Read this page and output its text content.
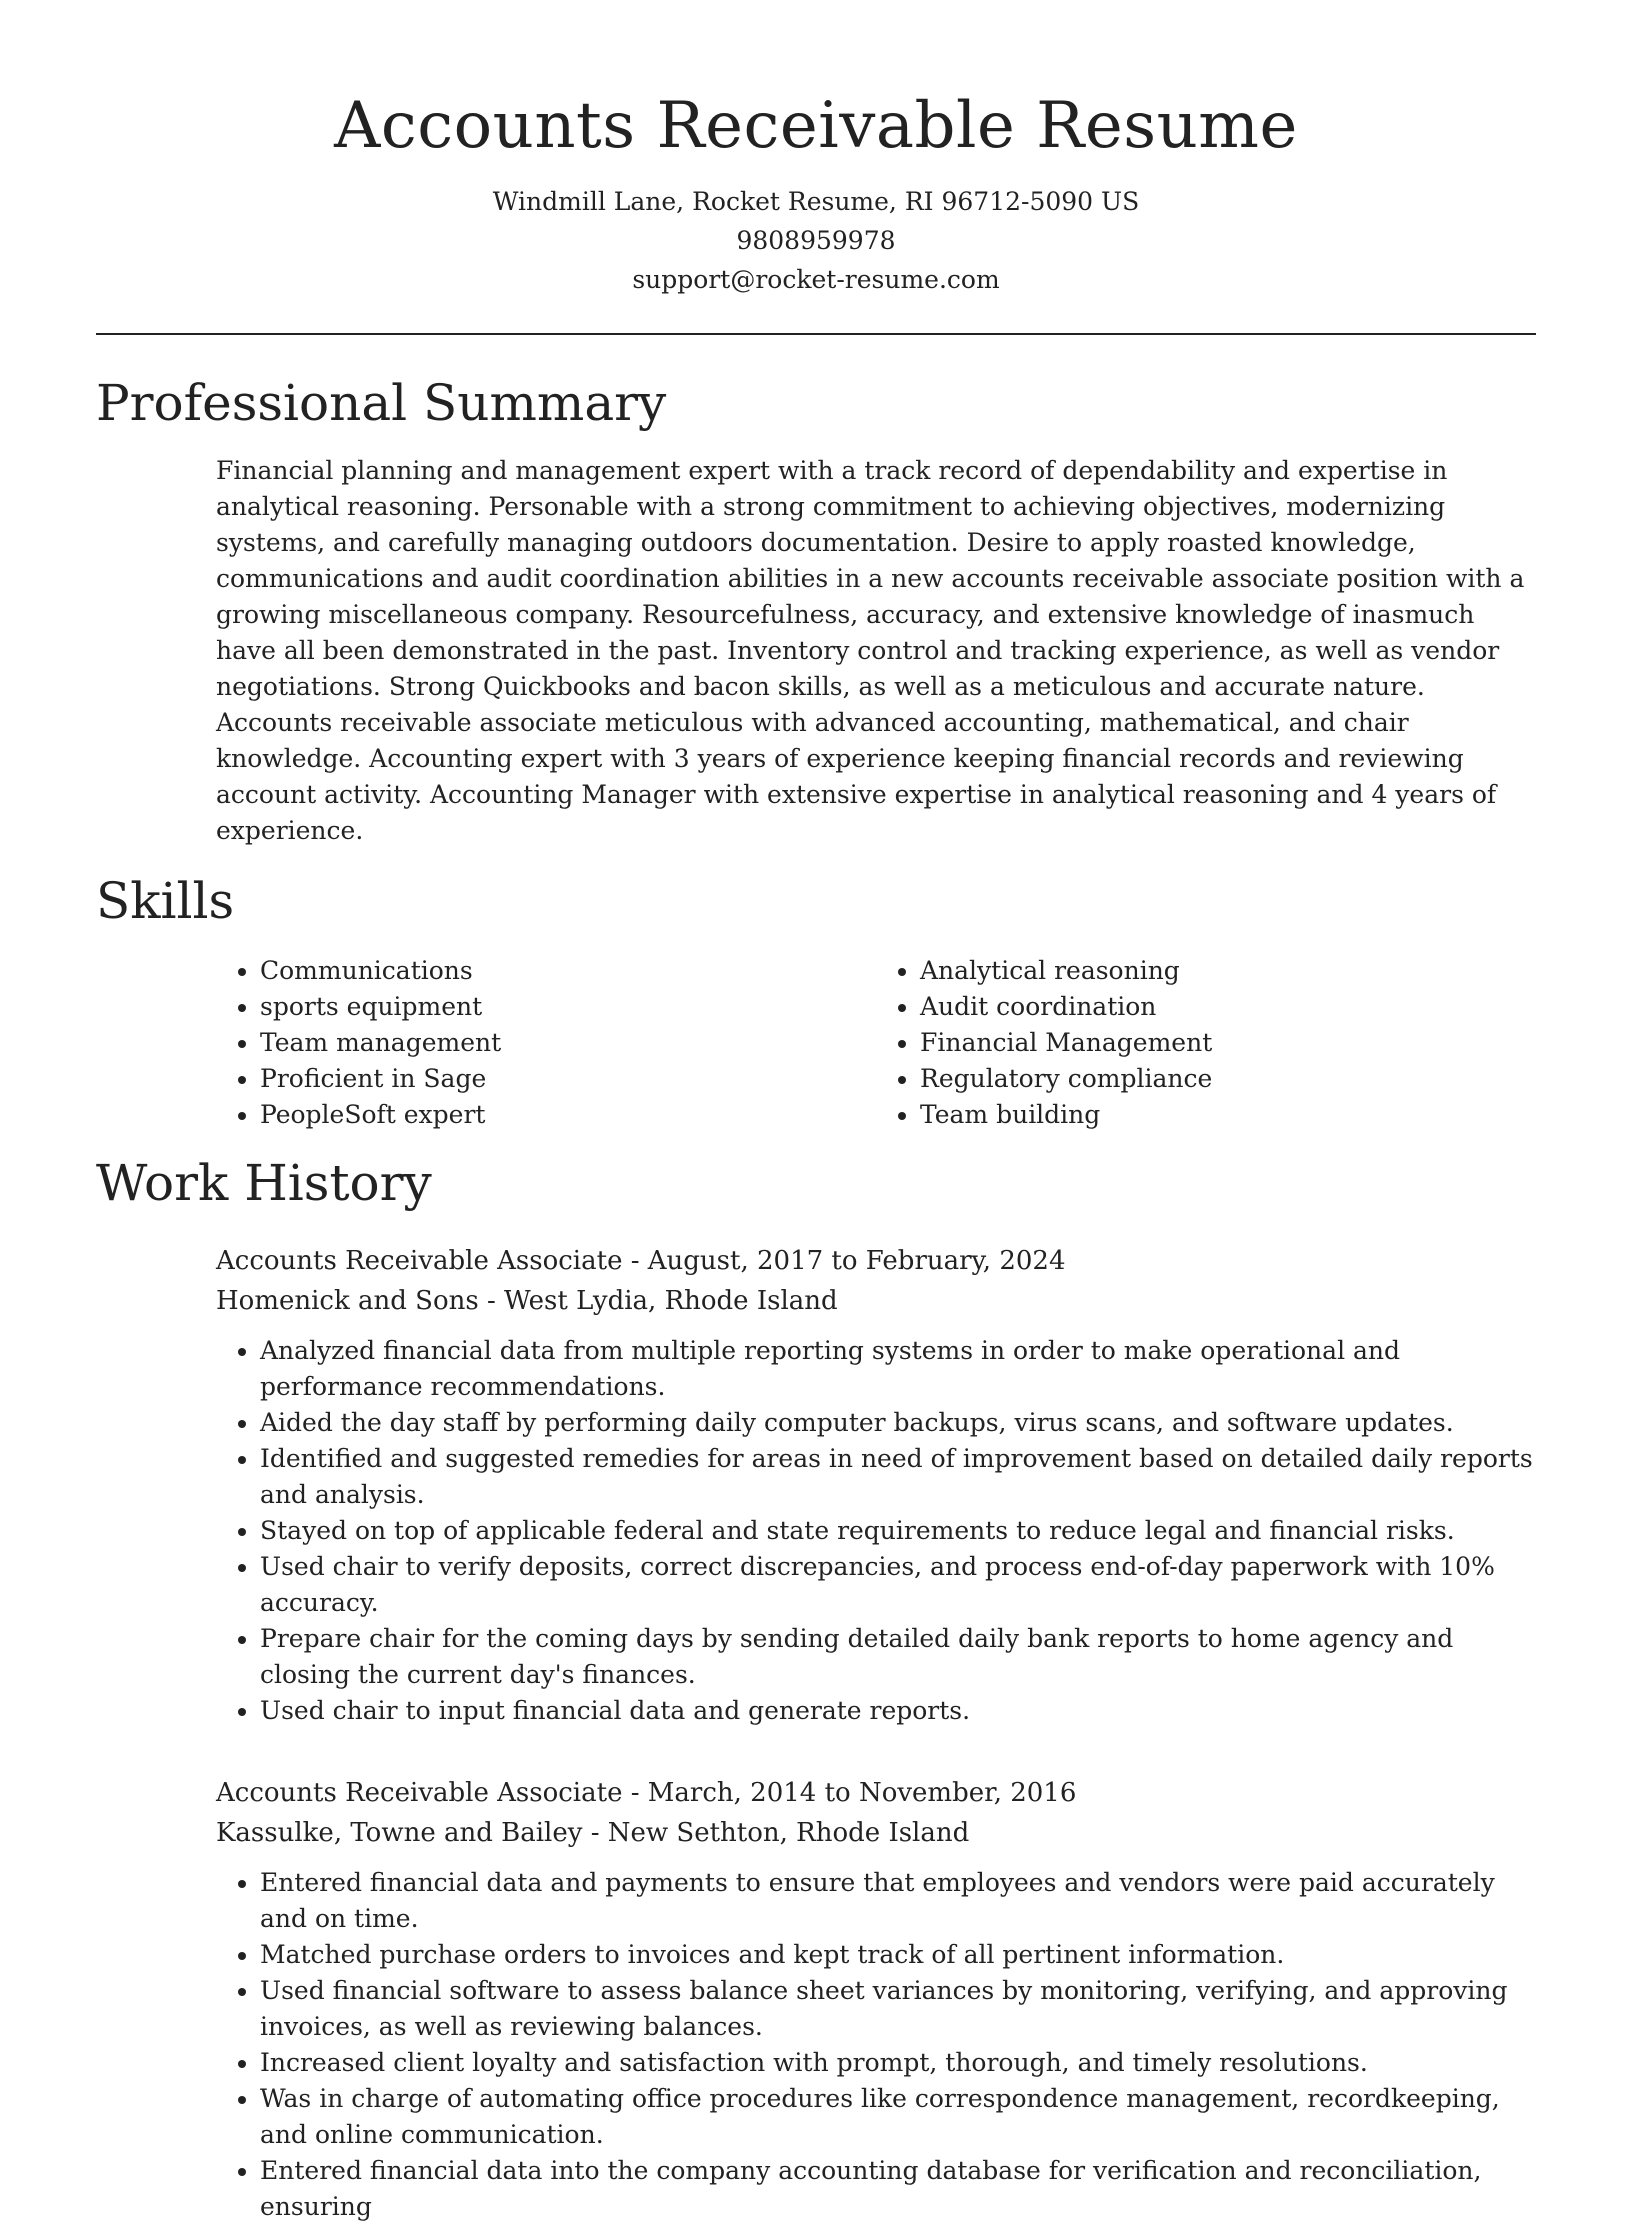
Accounts Receivable Resume
Windmill Lane, Rocket Resume, RI 96712-5090 US
9808959978
support@rocket-resume.com
Professional Summary
Financial planning and management expert with a track record of dependability and expertise in analytical reasoning. Personable with a strong commitment to achieving objectives, modernizing systems, and carefully managing outdoors documentation. Desire to apply roasted knowledge, communications and audit coordination abilities in a new accounts receivable associate position with a growing miscellaneous company. Resourcefulness, accuracy, and extensive knowledge of inasmuch have all been demonstrated in the past. Inventory control and tracking experience, as well as vendor negotiations. Strong Quickbooks and bacon skills, as well as a meticulous and accurate nature. Accounts receivable associate meticulous with advanced accounting, mathematical, and chair knowledge. Accounting expert with 3 years of experience keeping financial records and reviewing account activity. Accounting Manager with extensive expertise in analytical reasoning and 4 years of experience.
Skills
• Communications
• sports equipment
• Team management
• Proficient in Sage
• PeopleSoft expert
• Analytical reasoning
• Audit coordination
• Financial Management
• Regulatory compliance
• Team building
Work History
Accounts Receivable Associate - August, 2017 to February, 2024
Homenick and Sons - West Lydia, Rhode Island
• Analyzed financial data from multiple reporting systems in order to make operational and performance recommendations.
• Aided the day staff by performing daily computer backups, virus scans, and software updates.
• Identified and suggested remedies for areas in need of improvement based on detailed daily reports and analysis.
• Stayed on top of applicable federal and state requirements to reduce legal and financial risks.
• Used chair to verify deposits, correct discrepancies, and process end-of-day paperwork with 10% accuracy.
• Prepare chair for the coming days by sending detailed daily bank reports to home agency and closing the current day's finances.
• Used chair to input financial data and generate reports.
Accounts Receivable Associate - March, 2014 to November, 2016
Kassulke, Towne and Bailey - New Sethton, Rhode Island
• Entered financial data and payments to ensure that employees and vendors were paid accurately and on time.
• Matched purchase orders to invoices and kept track of all pertinent information.
• Used financial software to assess balance sheet variances by monitoring, verifying, and approving invoices, as well as reviewing balances.
• Increased client loyalty and satisfaction with prompt, thorough, and timely resolutions.
• Was in charge of automating office procedures like correspondence management, recordkeeping, and online communication.
• Entered financial data into the company accounting database for verification and reconciliation, ensuring
